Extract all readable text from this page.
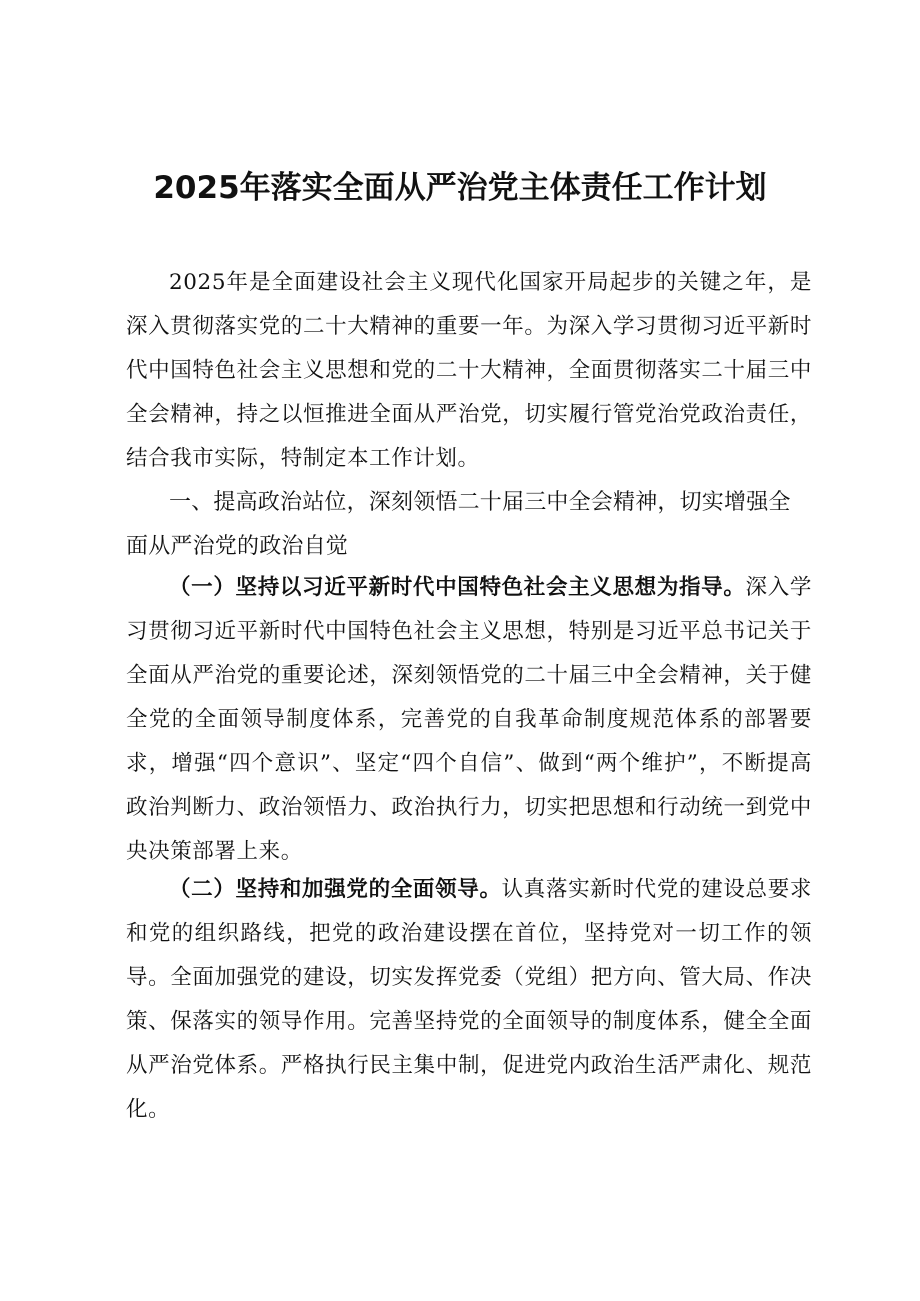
2025年落实全面从严治党主体责任工作计划

2025年是全面建设社会主义现代化国家开局起步的关键之年，是深入贯彻落实党的二十大精神的重要一年。为深入学习贯彻习近平新时代中国特色社会主义思想和党的二十大精神，全面贯彻落实二十届三中全会精神，持之以恒推进全面从严治党，切实履行管党治党政治责任，结合我市实际，特制定本工作计划。

一、提高政治站位，深刻领悟二十届三中全会精神，切实增强全面从严治党的政治自觉

（一）坚持以习近平新时代中国特色社会主义思想为指导。深入学习贯彻习近平新时代中国特色社会主义思想，特别是习近平总书记关于全面从严治党的重要论述，深刻领悟党的二十届三中全会精神，关于健全党的全面领导制度体系，完善党的自我革命制度规范体系的部署要求，增强“四个意识”、坚定“四个自信”、做到“两个维护”，不断提高政治判断力、政治领悟力、政治执行力，切实把思想和行动统一到党中央决策部署上来。

（二）坚持和加强党的全面领导。认真落实新时代党的建设总要求和党的组织路线，把党的政治建设摆在首位，坚持党对一切工作的领导。全面加强党的建设，切实发挥党委（党组）把方向、管大局、作决策、保落实的领导作用。完善坚持党的全面领导的制度体系，健全全面从严治党体系。严格执行民主集中制，促进党内政治生活严肃化、规范化。
